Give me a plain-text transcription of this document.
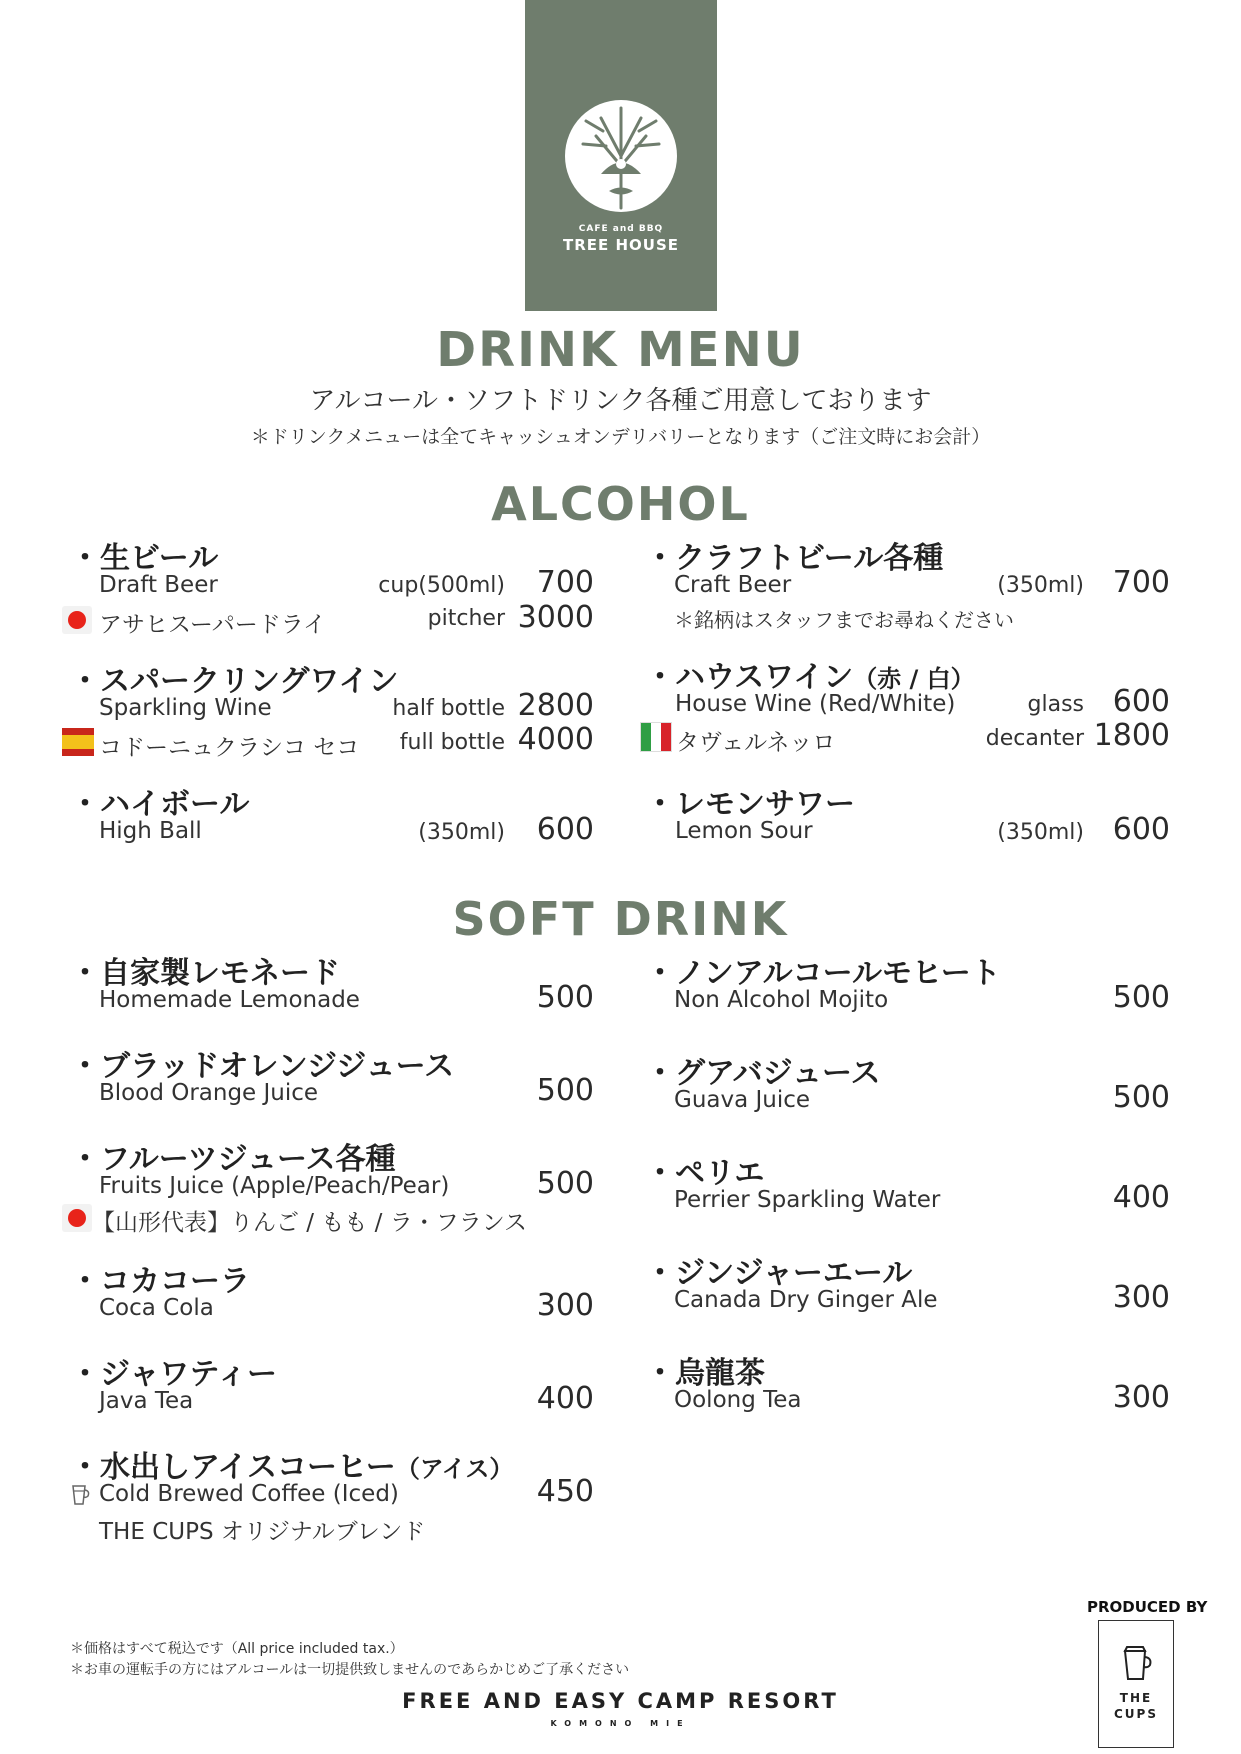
CAFE and BBQ
TREE HOUSE
DRINK MENU
アルコール・ソフトドリンク各種ご用意しております
＊ドリンクメニューは全てキャッシュオンデリバリーとなります（ご注文時にお会計）
ALCOHOL
・生ビール
Draft Beer	cup(500ml)	700
アサヒスーパードライ	pitcher 3000
・スパークリングワイン
Sparkling Wine	half bottle 2800
コドーニュクラシコ セコ	full bottle 4000
・ハイボール
High Ball	(350ml)	600
・クラフトビール各種
Craft Beer	(350ml) 700
＊銘柄はスタッフまでお尋ねください
・ハウスワイン（赤 / 白）
House Wine (Red/White)	glass 600
タヴェルネッロ	decanter 1800
・レモンサワー
Lemon Sour	(350ml) 600
SOFT DRINK
・自家製レモネード
Homemade Lemonade	500
・ブラッドオレンジジュース
Blood Orange Juice	500
・フルーツジュース各種
Fruits Juice (Apple/Peach/Pear)	500
【山形代表】りんご / もも / ラ・フランス
・コカコーラ
Coca Cola	300
・ジャワティー
Java Tea	400
・水出しアイスコーヒー（アイス）
Cold Brewed Coffee (Iced)	450
THE CUPS オリジナルブレンド
・ノンアルコールモヒート
Non Alcohol Mojito	500
・グアバジュース
Guava Juice	500
・ペリエ
Perrier Sparkling Water	400
・ジンジャーエール
Canada Dry Ginger Ale	300
・烏龍茶
Oolong Tea	300
＊価格はすべて税込です（All price included tax.）
＊お車の運転手の方にはアルコールは一切提供致しませんのであらかじめご了承ください
FREE AND EASY CAMP RESORT
KOMONO MIE
PRODUCED BY
THE
CUPS
